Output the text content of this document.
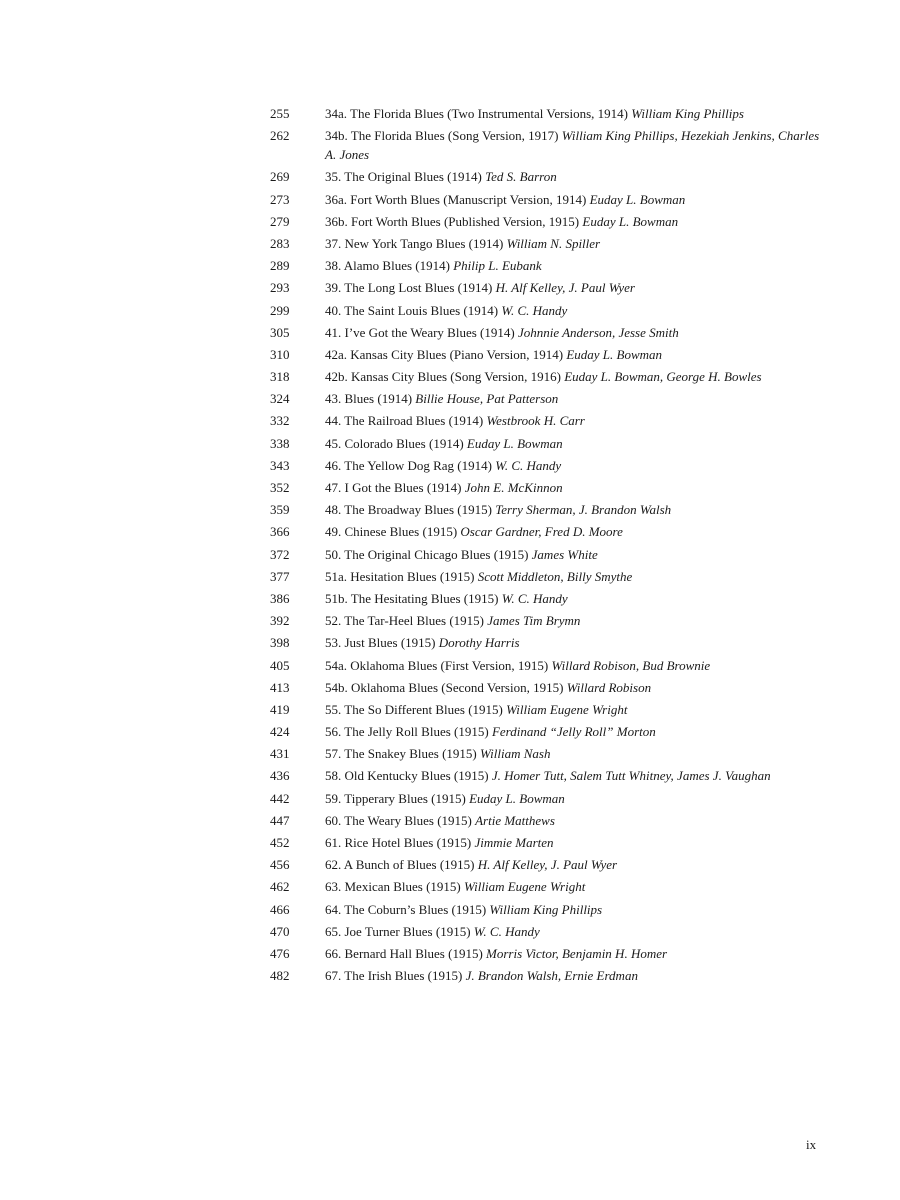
255	34a. The Florida Blues (Two Instrumental Versions, 1914) William King Phillips
262	34b. The Florida Blues (Song Version, 1917) William King Phillips, Hezekiah Jenkins, Charles A. Jones
269	35. The Original Blues (1914) Ted S. Barron
273	36a. Fort Worth Blues (Manuscript Version, 1914) Euday L. Bowman
279	36b. Fort Worth Blues (Published Version, 1915) Euday L. Bowman
283	37. New York Tango Blues (1914) William N. Spiller
289	38. Alamo Blues (1914) Philip L. Eubank
293	39. The Long Lost Blues (1914) H. Alf Kelley, J. Paul Wyer
299	40. The Saint Louis Blues (1914) W. C. Handy
305	41. I’ve Got the Weary Blues (1914) Johnnie Anderson, Jesse Smith
310	42a. Kansas City Blues (Piano Version, 1914) Euday L. Bowman
318	42b. Kansas City Blues (Song Version, 1916) Euday L. Bowman, George H. Bowles
324	43. Blues (1914) Billie House, Pat Patterson
332	44. The Railroad Blues (1914) Westbrook H. Carr
338	45. Colorado Blues (1914) Euday L. Bowman
343	46. The Yellow Dog Rag (1914) W. C. Handy
352	47. I Got the Blues (1914) John E. McKinnon
359	48. The Broadway Blues (1915) Terry Sherman, J. Brandon Walsh
366	49. Chinese Blues (1915) Oscar Gardner, Fred D. Moore
372	50. The Original Chicago Blues (1915) James White
377	51a. Hesitation Blues (1915) Scott Middleton, Billy Smythe
386	51b. The Hesitating Blues (1915) W. C. Handy
392	52. The Tar-Heel Blues (1915) James Tim Brymn
398	53. Just Blues (1915) Dorothy Harris
405	54a. Oklahoma Blues (First Version, 1915) Willard Robison, Bud Brownie
413	54b. Oklahoma Blues (Second Version, 1915) Willard Robison
419	55. The So Different Blues (1915) William Eugene Wright
424	56. The Jelly Roll Blues (1915) Ferdinand “Jelly Roll” Morton
431	57. The Snakey Blues (1915) William Nash
436	58. Old Kentucky Blues (1915) J. Homer Tutt, Salem Tutt Whitney, James J. Vaughan
442	59. Tipperary Blues (1915) Euday L. Bowman
447	60. The Weary Blues (1915) Artie Matthews
452	61. Rice Hotel Blues (1915) Jimmie Marten
456	62. A Bunch of Blues (1915) H. Alf Kelley, J. Paul Wyer
462	63. Mexican Blues (1915) William Eugene Wright
466	64. The Coburn’s Blues (1915) William King Phillips
470	65. Joe Turner Blues (1915) W. C. Handy
476	66. Bernard Hall Blues (1915) Morris Victor, Benjamin H. Homer
482	67. The Irish Blues (1915) J. Brandon Walsh, Ernie Erdman
ix
